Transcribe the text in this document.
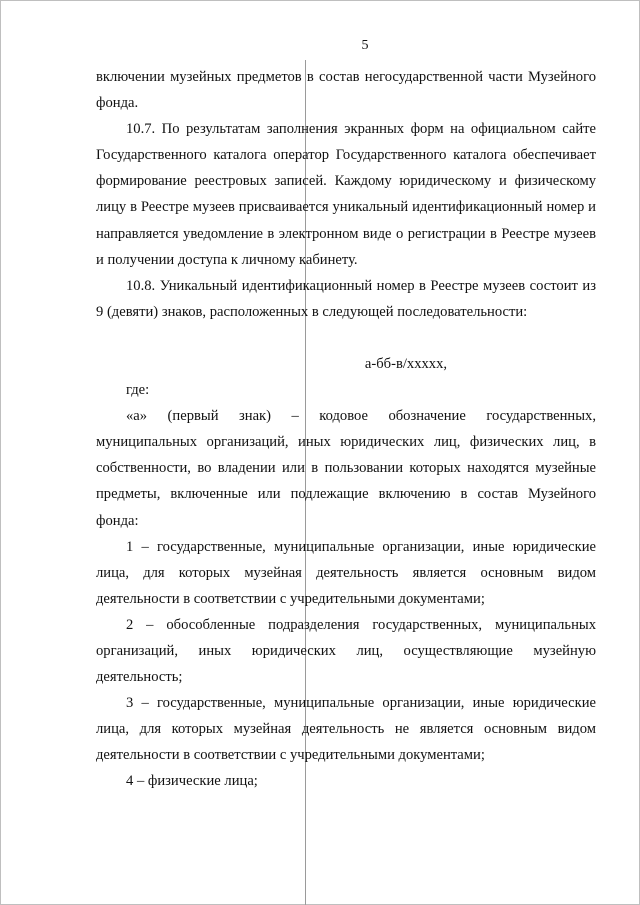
5

включении музейных предметов в состав негосударственной части Музейного фонда.

10.7. По результатам заполнения экранных форм на официальном сайте Государственного каталога оператор Государственного каталога обеспечивает формирование реестровых записей. Каждому юридическому и физическому лицу в Реестре музеев присваивается уникальный идентификационный номер и направляется уведомление в электронном виде о регистрации в Реестре музеев и получении доступа к личному кабинету.

10.8. Уникальный идентификационный номер в Реестре музеев состоит из 9 (девяти) знаков, расположенных в следующей последовательности:

а-бб-в/ххххх,

где:

«а» (первый знак) – кодовое обозначение государственных, муниципальных организаций, иных юридических лиц, физических лиц, в собственности, во владении или в пользовании которых находятся музейные предметы, включенные или подлежащие включению в состав Музейного фонда:

1 – государственные, муниципальные организации, иные юридические лица, для которых музейная деятельность является основным видом деятельности в соответствии с учредительными документами;

2 – обособленные подразделения государственных, муниципальных организаций, иных юридических лиц, осуществляющие музейную деятельность;

3 – государственные, муниципальные организации, иные юридические лица, для которых музейная деятельность не является основным видом деятельности в соответствии с учредительными документами;

4 – физические лица;
